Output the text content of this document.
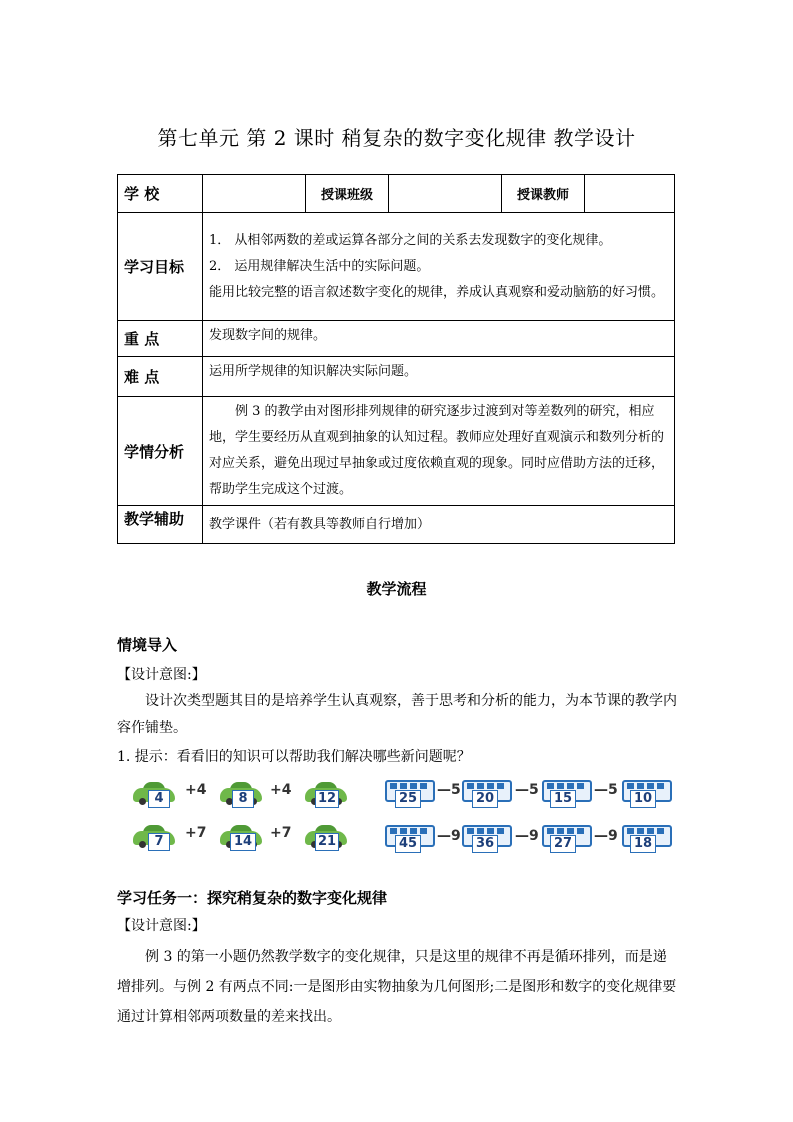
第七单元 第 2 课时 稍复杂的数字变化规律 教学设计
学 校		授课班级		授课教师	
学习目标	1． 从相邻两数的差或运算各部分之间的关系去发现数字的变化规律。
2． 运用规律解决生活中的实际问题。
能用比较完整的语言叙述数字变化的规律，养成认真观察和爱动脑筋的好习惯。				

重 点	发现数字间的规律。				
难 点	运用所学规律的知识解决实际问题。				
学情分析	例 3 的教学由对图形排列规律的研究逐步过渡到对等差数列的研究，相应地，学生要经历从直观到抽象的认知过程。教师应处理好直观演示和数列分析的对应关系，避免出现过早抽象或过度依赖直观的现象。同时应借助方法的迁移，帮助学生完成这个过渡。				
教学辅助	教学课件（若有教具等教师自行增加）				
教学流程
情境导入
【设计意图:】
设计次类型题其目的是培养学生认真观察，善于思考和分析的能力，为本节课的教学内容作铺垫。
1. 提示：看看旧的知识可以帮助我们解决哪些新问题呢？
4
+4
8
+4
12
7
+7
14
+7
21
25
—5
20
—5
15
—5
10
45 —9	36 —9	27 —9	18
学习任务一：探究稍复杂的数字变化规律
【设计意图:】
例 3 的第一小题仍然教学数字的变化规律，只是这里的规律不再是循环排列，而是递增排列。与例 2 有两点不同:一是图形由实物抽象为几何图形;二是图形和数字的变化规律要通过计算相邻两项数量的差来找出。
